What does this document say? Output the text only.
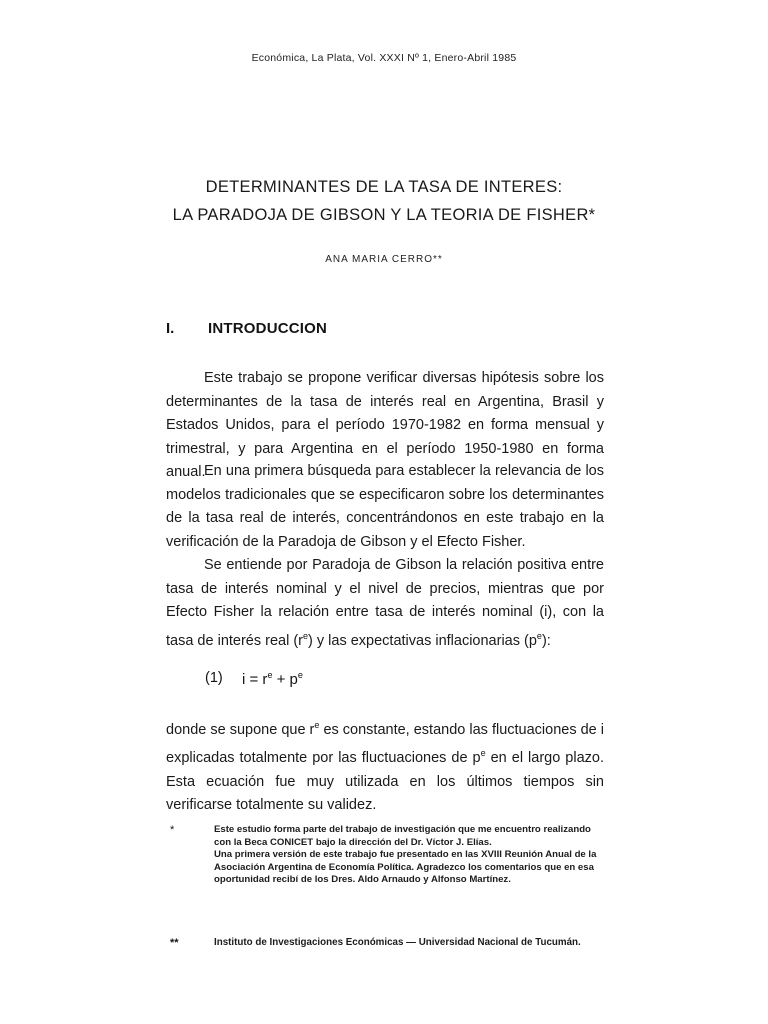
Económica, La Plata, Vol. XXXI Nº 1, Enero-Abril 1985
DETERMINANTES DE LA TASA DE INTERES:
LA PARADOJA DE GIBSON Y LA TEORIA DE FISHER*
ANA MARIA CERRO**
I. INTRODUCCION

Este trabajo se propone verificar diversas hipótesis sobre los determinantes de la tasa de interés real en Argentina, Brasil y Estados Unidos, para el período 1970-1982 en forma mensual y trimestral, y para Argentina en el período 1950-1980 en forma anual.

En una primera búsqueda para establecer la relevancia de los modelos tradicionales que se especificaron sobre los determinantes de la tasa real de interés, concentrándonos en este trabajo en la verificación de la Paradoja de Gibson y el Efecto Fisher.

Se entiende por Paradoja de Gibson la relación positiva entre tasa de interés nominal y el nivel de precios, mientras que por Efecto Fisher la relación entre tasa de interés nominal (i), con la tasa de interés real $(r^e)$ y las expectativas inflacionarias $(p^e)$:

(1) $i = r^e + p^e$

donde se supone que $r^e$ es constante, estando las fluctuaciones de i explicadas totalmente por las fluctuaciones de $p^e$ en el largo plazo. Esta ecuación fue muy utilizada en los últimos tiempos sin verificarse totalmente su validez.

*	Este estudio forma parte del trabajo de investigación que me encuentro realizando con la Beca CONICET bajo la dirección del Dr. Víctor J. Elías.
Una primera versión de este trabajo fue presentado en las XVIII Reunión Anual de la Asociación Argentina de Economía Política. Agradezco los comentarios que en esa oportunidad recibí de los Dres. Aldo Arnaudo y Alfonso Martínez.
**	Instituto de Investigaciones Económicas — Universidad Nacional de Tucumán.
